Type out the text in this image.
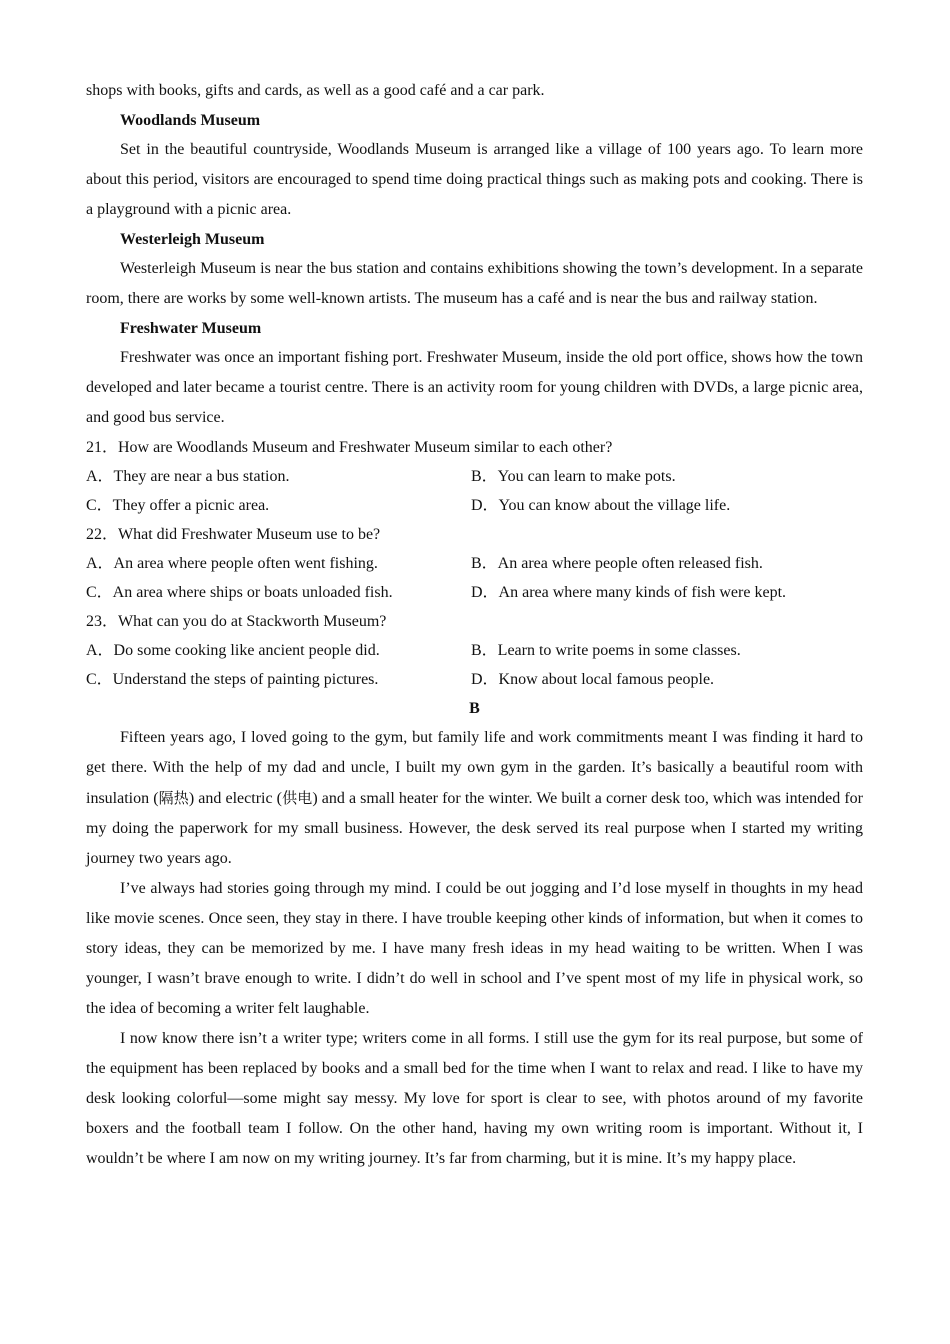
shops with books, gifts and cards, as well as a good café and a car park.

Woodlands Museum

Set in the beautiful countryside, Woodlands Museum is arranged like a village of 100 years ago. To learn more about this period, visitors are encouraged to spend time doing practical things such as making pots and cooking. There is a playground with a picnic area.

Westerleigh Museum

Westerleigh Museum is near the bus station and contains exhibitions showing the town’s development. In a separate room, there are works by some well-known artists. The museum has a café and is near the bus and railway station.

Freshwater Museum

Freshwater was once an important fishing port. Freshwater Museum, inside the old port office, shows how the town developed and later became a tourist centre. There is an activity room for young children with DVDs, a large picnic area, and good bus service.

21．How are Woodlands Museum and Freshwater Museum similar to each other?

A．They are near a bus station.	B．You can learn to make pots.
C．They offer a picnic area.	D．You can know about the village life.

22．What did Freshwater Museum use to be?

A．An area where people often went fishing.	B．An area where people often released fish.
C．An area where ships or boats unloaded fish.	D．An area where many kinds of fish were kept.

23．What can you do at Stackworth Museum?

A．Do some cooking like ancient people did.	B．Learn to write poems in some classes.
C．Understand the steps of painting pictures.	D．Know about local famous people.

B

Fifteen years ago, I loved going to the gym, but family life and work commitments meant I was finding it hard to get there. With the help of my dad and uncle, I built my own gym in the garden. It’s basically a beautiful room with insulation (隔热) and electric (供电) and a small heater for the winter. We built a corner desk too, which was intended for my doing the paperwork for my small business. However, the desk served its real purpose when I started my writing journey two years ago.

I’ve always had stories going through my mind. I could be out jogging and I’d lose myself in thoughts in my head like movie scenes. Once seen, they stay in there. I have trouble keeping other kinds of information, but when it comes to story ideas, they can be memorized by me. I have many fresh ideas in my head waiting to be written. When I was younger, I wasn’t brave enough to write. I didn’t do well in school and I’ve spent most of my life in physical work, so the idea of becoming a writer felt laughable.

I now know there isn’t a writer type; writers come in all forms. I still use the gym for its real purpose, but some of the equipment has been replaced by books and a small bed for the time when I want to relax and read. I like to have my desk looking colorful—some might say messy. My love for sport is clear to see, with photos around of my favorite boxers and the football team I follow. On the other hand, having my own writing room is important. Without it, I wouldn’t be where I am now on my writing journey. It’s far from charming, but it is mine. It’s my happy place.
